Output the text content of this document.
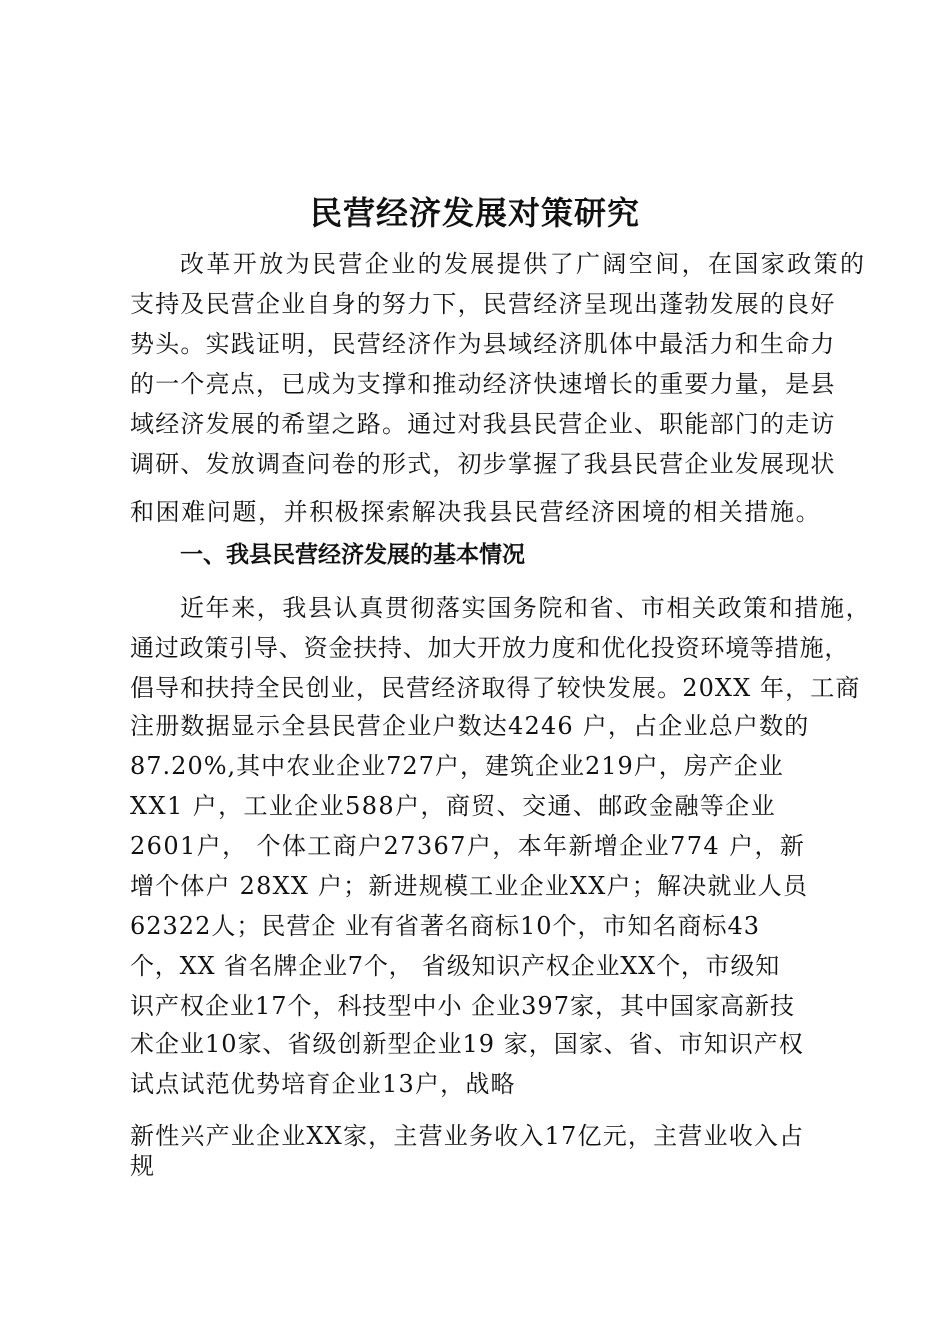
民营经济发展对策研究
改革开放为民营企业的发展提供了广阔空间，在国家政策的
支持及民营企业自身的努力下，民营经济呈现出蓬勃发展的良好
势头。实践证明，民营经济作为县域经济肌体中最活力和生命力
的一个亮点，已成为支撑和推动经济快速增长的重要力量，是县
域经济发展的希望之路。通过对我县民营企业、职能部门的走访
调研、发放调查问卷的形式，初步掌握了我县民营企业发展现状
和困难问题，并积极探索解决我县民营经济困境的相关措施。
一、我县民营经济发展的基本情况
近年来，我县认真贯彻落实国务院和省、市相关政策和措施，
通过政策引导、资金扶持、加大开放力度和优化投资环境等措施，
倡导和扶持全民创业，民营经济取得了较快发展。20XX 年，工商
注册数据显示全县民营企业户数达4246 户，占企业总户数的
87.20%,其中农业企业727户，建筑企业219户，房产企业
XX1 户，工业企业588户，商贸、交通、邮政金融等企业
2601户， 个体工商户27367户，本年新增企业774 户，新
增个体户 28XX 户；新进规模工业企业XX户；解决就业人员
62322人；民营企 业有省著名商标10个，市知名商标43
个，XX 省名牌企业7个， 省级知识产权企业XX个，市级知
识产权企业17个，科技型中小 企业397家，其中国家高新技
术企业10家、省级创新型企业19 家，国家、省、市知识产权
试点试范优势培育企业13户，战略
新性兴产业企业XX家，主营业务收入17亿元，主营业收入占
规
